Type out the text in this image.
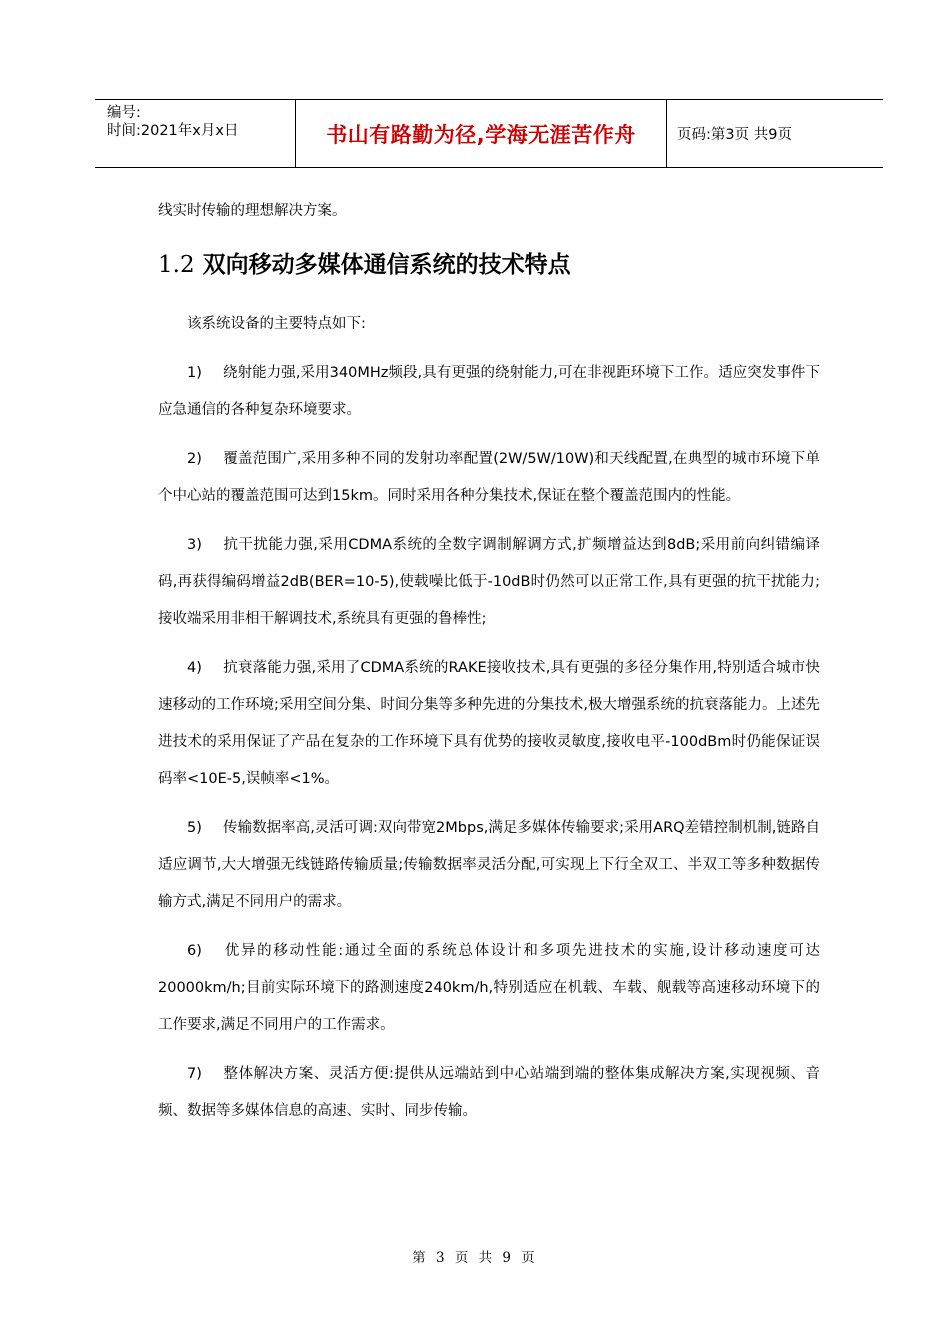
编号:
时间:2021年x月x日	书山有路勤为径,学海无涯苦作舟	页码:第3页 共9页

线实时传输的理想解决方案。

1.2 双向移动多媒体通信系统的技术特点

该系统设备的主要特点如下:

1) 绕射能力强,采用340MHz频段,具有更强的绕射能力,可在非视距环境下工作。适应突发事件下应急通信的各种复杂环境要求。

2) 覆盖范围广,采用多种不同的发射功率配置(2W/5W/10W)和天线配置,在典型的城市环境下单个中心站的覆盖范围可达到15km。同时采用各种分集技术,保证在整个覆盖范围内的性能。

3) 抗干扰能力强,采用CDMA系统的全数字调制解调方式,扩频增益达到8dB;采用前向纠错编译码,再获得编码增益2dB(BER=10-5),使载噪比低于-10dB时仍然可以正常工作,具有更强的抗干扰能力;接收端采用非相干解调技术,系统具有更强的鲁棒性;

4) 抗衰落能力强,采用了CDMA系统的RAKE接收技术,具有更强的多径分集作用,特别适合城市快速移动的工作环境;采用空间分集、时间分集等多种先进的分集技术,极大增强系统的抗衰落能力。上述先进技术的采用保证了产品在复杂的工作环境下具有优势的接收灵敏度,接收电平-100dBm时仍能保证误码率<10E-5,误帧率<1%。

5) 传输数据率高,灵活可调:双向带宽2Mbps,满足多媒体传输要求;采用ARQ差错控制机制,链路自适应调节,大大增强无线链路传输质量;传输数据率灵活分配,可实现上下行全双工、半双工等多种数据传输方式,满足不同用户的需求。

6) 优异的移动性能:通过全面的系统总体设计和多项先进技术的实施,设计移动速度可达20000km/h;目前实际环境下的路测速度240km/h,特别适应在机载、车载、舰载等高速移动环境下的工作要求,满足不同用户的工作需求。

7) 整体解决方案、灵活方便:提供从远端站到中心站端到端的整体集成解决方案,实现视频、音频、数据等多媒体信息的高速、实时、同步传输。

第 3 页 共 9 页
